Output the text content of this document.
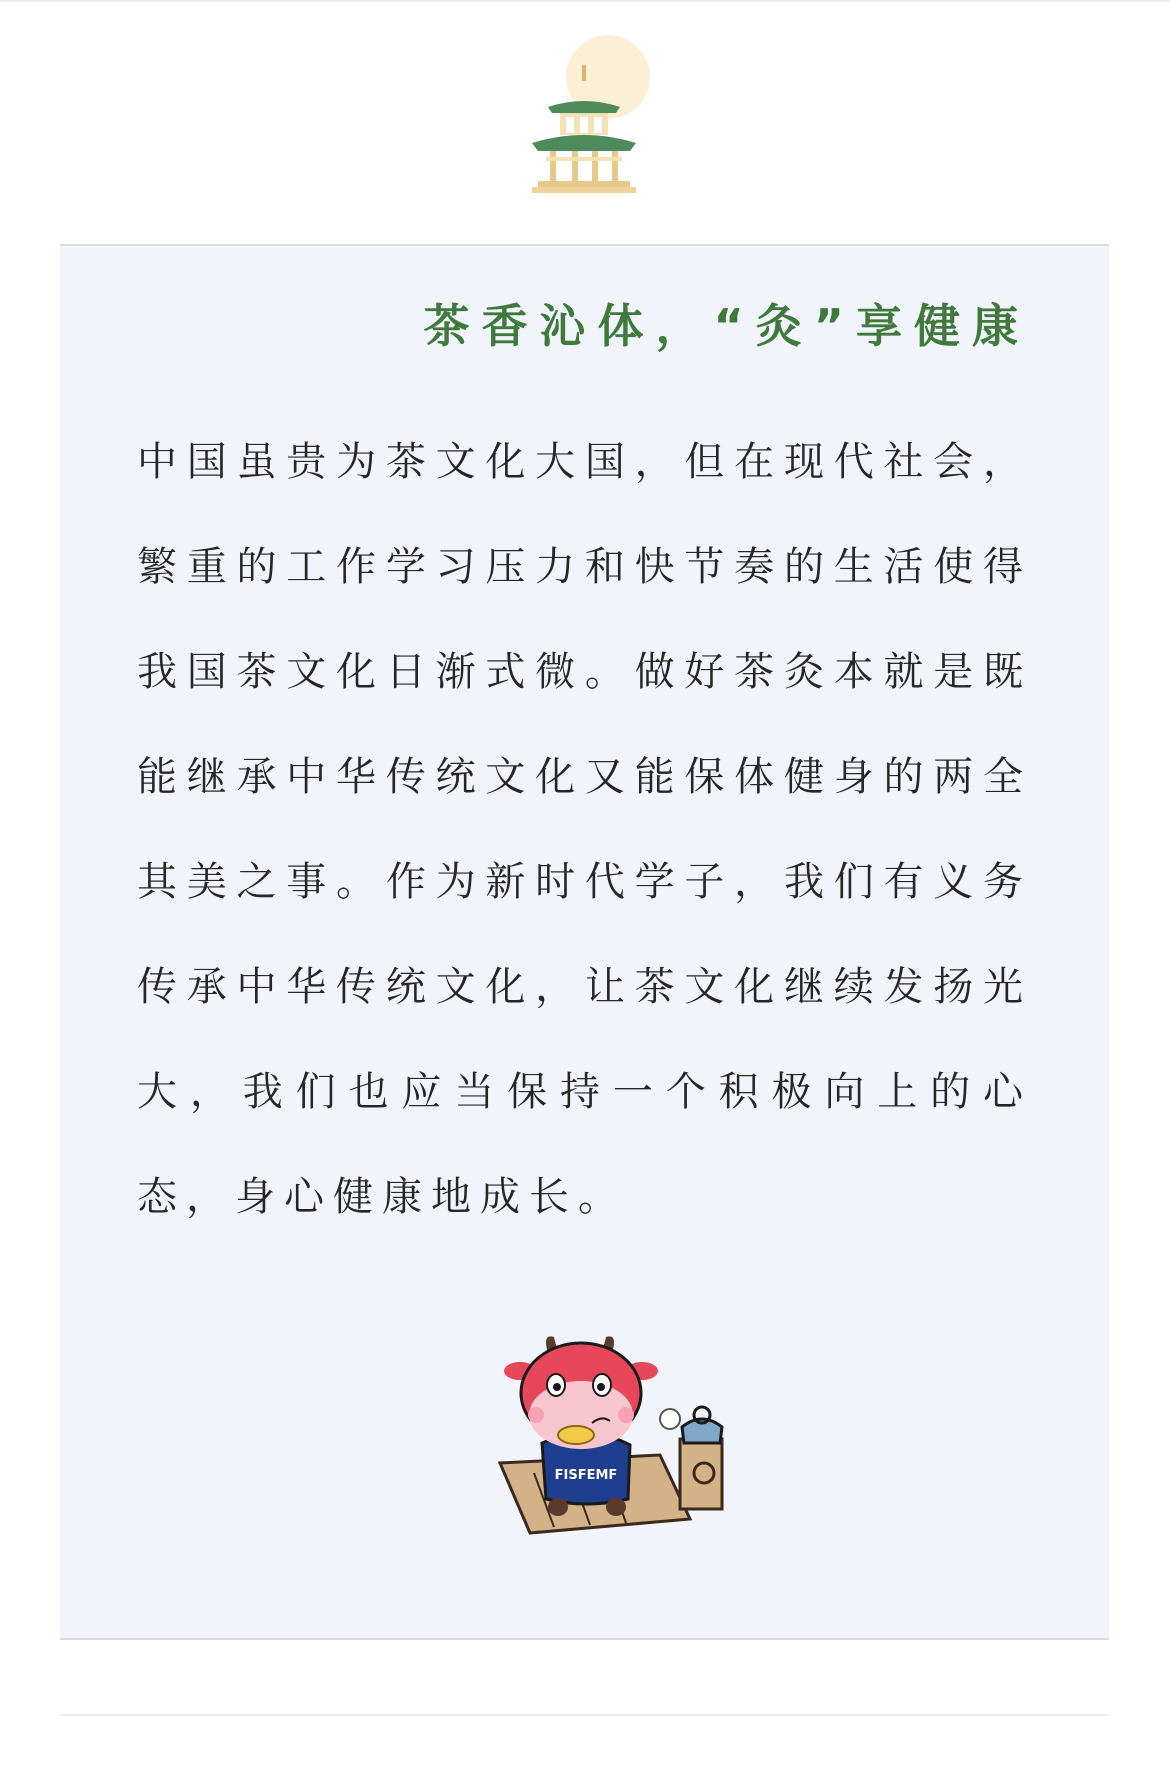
茶香沁体，“灸”享健康
中国虽贵为茶文化大国，但在现代社会，繁重的工作学习压力和快节奏的生活使得我国茶文化日渐式微。做好茶灸本就是既能继承中华传统文化又能保体健身的两全其美之事。作为新时代学子，我们有义务传承中华传统文化，让茶文化继续发扬光大，我们也应当保持一个积极向上的心态，身心健康地成长。
FISFEMF
